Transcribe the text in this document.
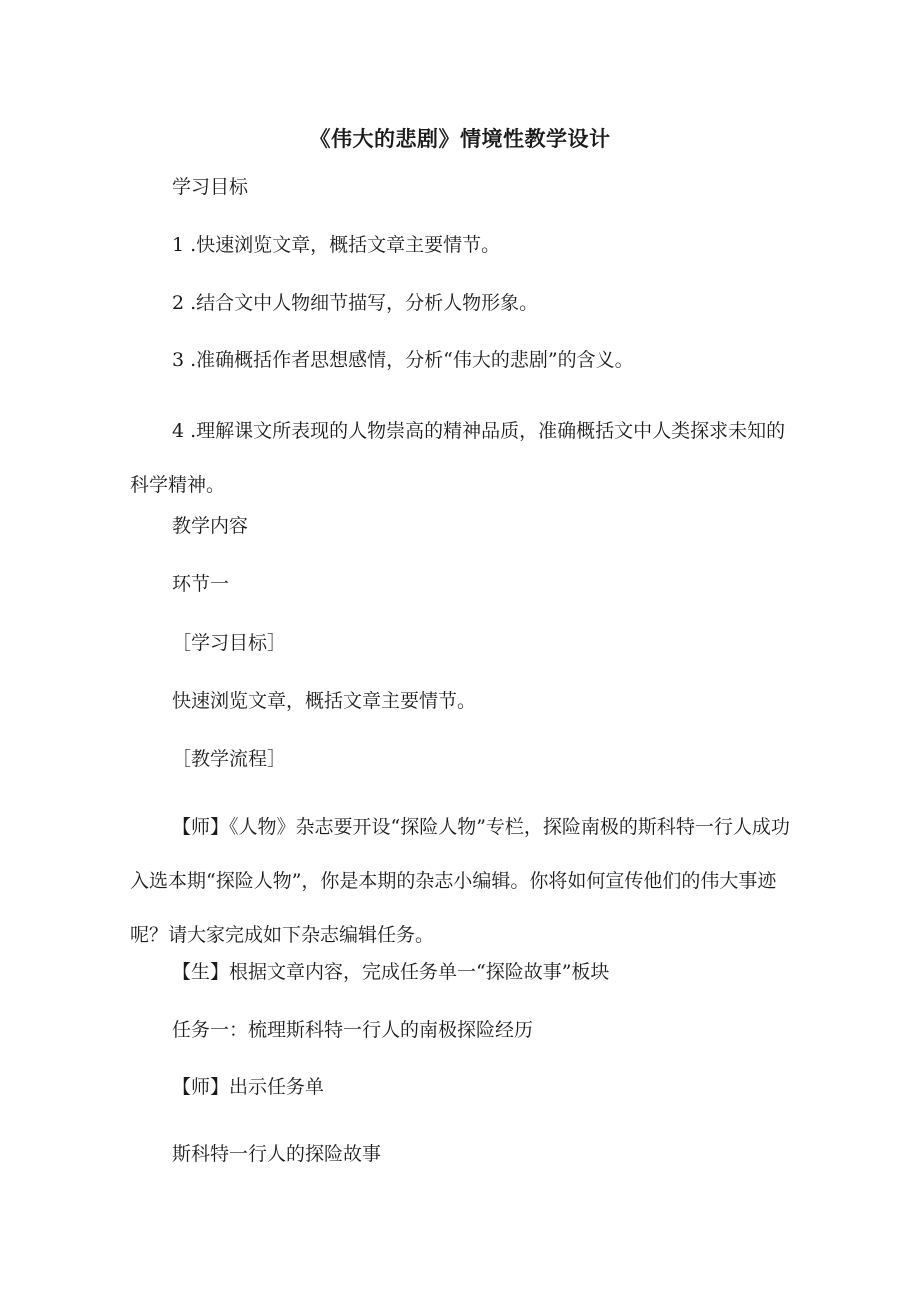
《伟大的悲剧》情境性教学设计

学习目标

1 .快速浏览文章，概括文章主要情节。

2 .结合文中人物细节描写，分析人物形象。

3 .准确概括作者思想感情，分析“伟大的悲剧”的含义。

4 .理解课文所表现的人物崇高的精神品质，准确概括文中人类探求未知的科学精神。

教学内容

环节一

［学习目标］

快速浏览文章，概括文章主要情节。

［教学流程］

【师】《人物》杂志要开设“探险人物”专栏，探险南极的斯科特一行人成功入选本期“探险人物”，你是本期的杂志小编辑。你将如何宣传他们的伟大事迹呢？请大家完成如下杂志编辑任务。

【生】根据文章内容，完成任务单一“探险故事”板块

任务一：梳理斯科特一行人的南极探险经历

【师】出示任务单

斯科特一行人的探险故事
